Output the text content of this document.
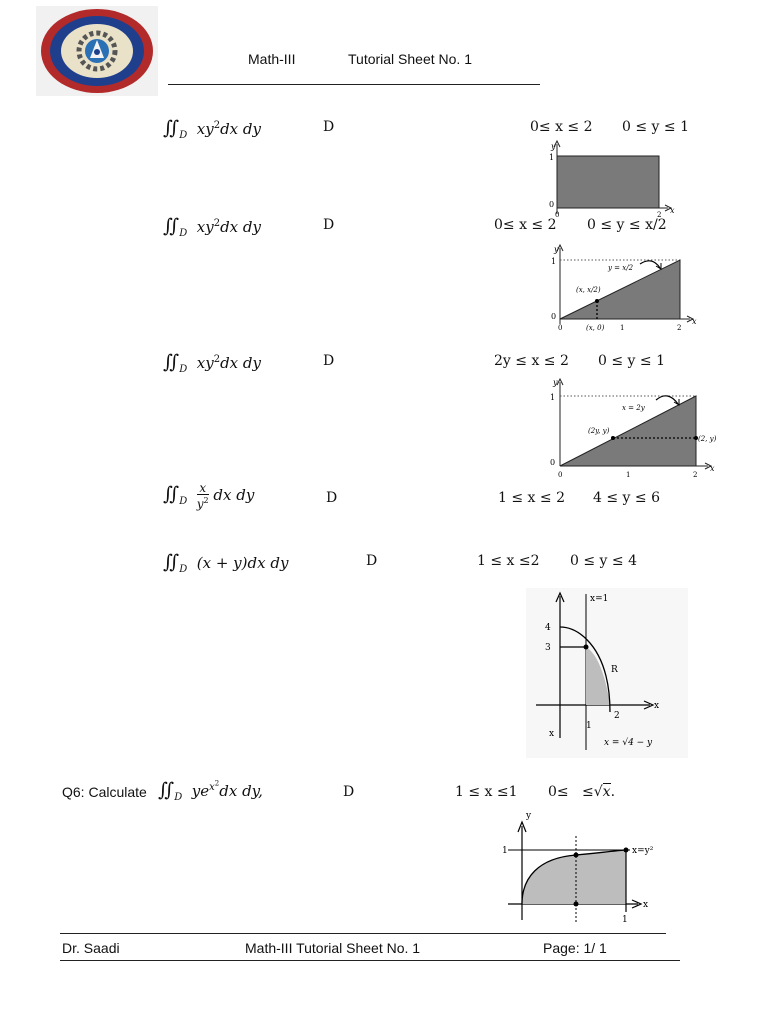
Math-III	Tutorial Sheet No. 1
$∬_D$ $xy^2dx$ dy	D	0≤ x ≤ 2 0 ≤ y ≤ 1
y
x
1
0
0	2
$∬_D$ $xy^2dx$ dy	D	0≤ x ≤ 2 0 ≤ y ≤ x/2
y
x
1
0
0	1	2
y = x/2
(x, x/2)
(x, 0)
$∬_D$ $xy^2dx$ dy	D	2y ≤ x ≤ 2 0 ≤ y ≤ 1
y
x
1
0
0	1	2
x = 2y
(2y, y)
(2, y)
$∬_D \frac{x}{y^2}$ dx dy	D	1 ≤ x ≤ 2 4 ≤ y ≤ 6
$∬_D$ (x + y)dx dy	D	1 ≤ x ≤2 0 ≤ y ≤ 4
x=1
4
3
1
2
R
x
x
x = √4 − y
Q6: Calculate $∬_D$ $ye^{x^2}dx$ dy,	D	1 ≤ x ≤1 0≤ ≤√x.
y
x
1
1
x=y²
Dr. Saadi	Math-III Tutorial Sheet No. 1	Page: 1/ 1
